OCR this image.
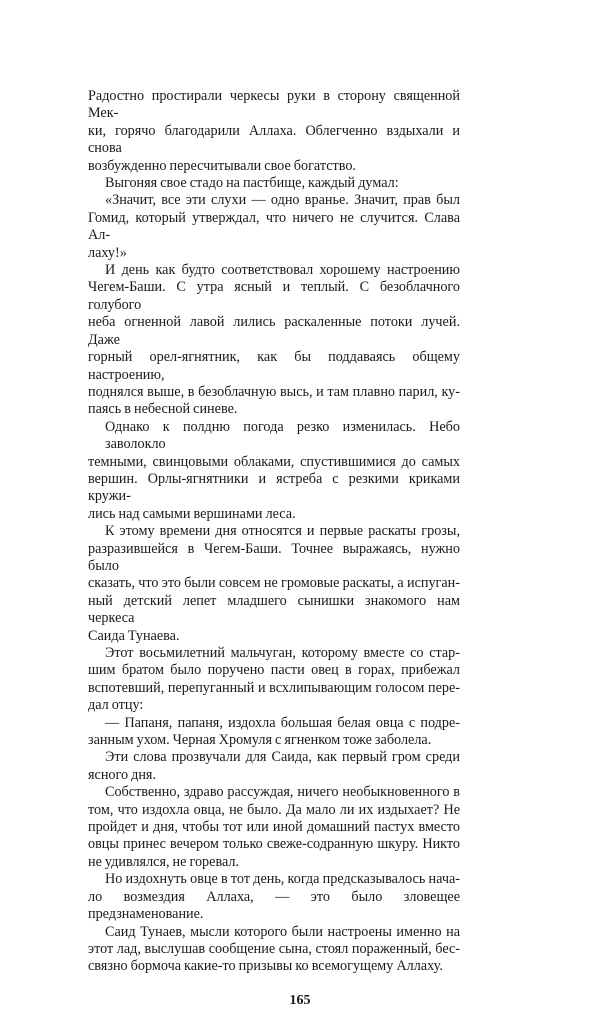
Радостно простирали черкесы руки в сторону священной Мек-
ки, горячо благодарили Аллаха. Облегченно вздыхали и снова
возбужденно пересчитывали свое богатство.
Выгоняя свое стадо на пастбище, каждый думал:
«Значит, все эти слухи — одно вранье. Значит, прав был
Гомид, который утверждал, что ничего не случится. Слава Ал-
лаху!»
И день как будто соответствовал хорошему настроению
Чегем-Баши. С утра ясный и теплый. С безоблачного голубого
неба огненной лавой лились раскаленные потоки лучей. Даже
горный орел-ягнятник, как бы поддаваясь общему настроению,
поднялся выше, в безоблачную высь, и там плавно парил, ку-
паясь в небесной синеве.
Однако к полдню погода резко изменилась. Небо заволокло
темными, свинцовыми облаками, спустившимися до самых
вершин. Орлы-ягнятники и ястреба с резкими криками кружи-
лись над самыми вершинами леса.
К этому времени дня относятся и первые раскаты грозы,
разразившейся в Чегем-Баши. Точнее выражаясь, нужно было
сказать, что это были совсем не громовые раскаты, а испуган-
ный детский лепет младшего сынишки знакомого нам черкеса
Саида Тунаева.
Этот восьмилетний мальчуган, которому вместе со стар-
шим братом было поручено пасти овец в горах, прибежал
вспотевший, перепуганный и всхлипывающим голосом пере-
дал отцу:
— Папаня, папаня, издохла большая белая овца с подре-
занным ухом. Черная Хромуля с ягненком тоже заболела.
Эти слова прозвучали для Саида, как первый гром среди
ясного дня.
Собственно, здраво рассуждая, ничего необыкновенного в
том, что издохла овца, не было. Да мало ли их издыхает? Не
пройдет и дня, чтобы тот или иной домашний пастух вместо
овцы принес вечером только свеже-содранную шкуру. Никто
не удивлялся, не горевал.
Но издохнуть овце в тот день, когда предсказывалось нача-
ло возмездия Аллаха, — это было зловещее предзнаменование.
Саид Тунаев, мысли которого были настроены именно на
этот лад, выслушав сообщение сына, стоял пораженный, бес-
связно бормоча какие-то призывы ко всемогущему Аллаху.
165
